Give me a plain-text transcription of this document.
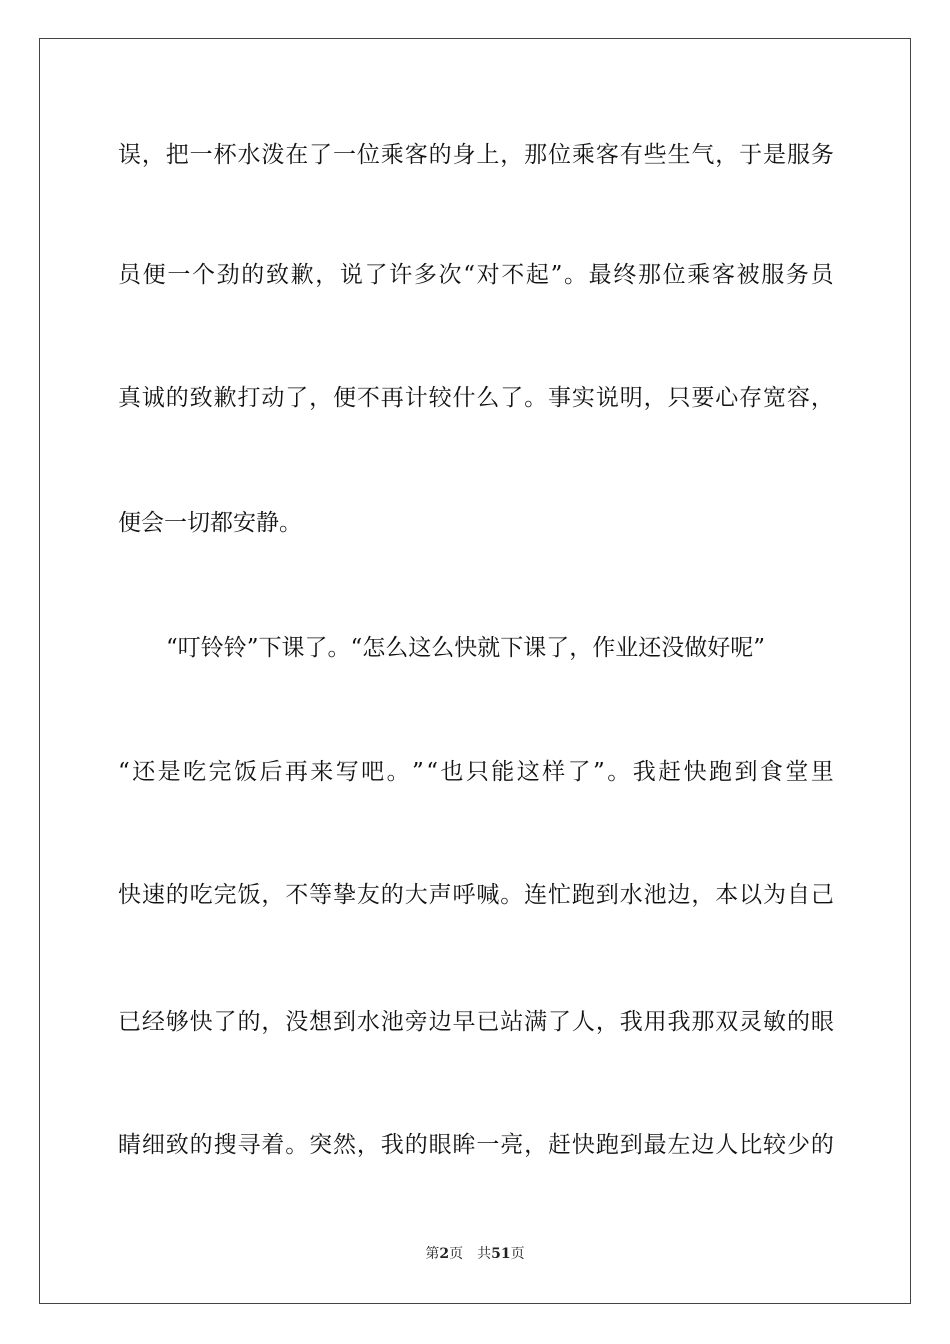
误 ， 把 一 杯 水 泼 在 了 一 位 乘 客 的 身 上 ， 那 位 乘 客 有 些 生 气 ， 于 是 服 务
员 便 一 个 劲 的 致 歉 ， 说 了 许 多 次 “ 对 不 起 ” 。 最 终 那 位 乘 客 被 服 务 员
真 诚 的 致 歉 打 动 了 ， 便 不 再 计 较 什 么 了 。 事 实 说 明 ， 只 要 心 存 宽 容 ，
便会一切都安静。
“叮铃铃”下课了。“怎么这么快就下课了，作业还没做好呢”
“ 还 是 吃 完 饭 后 再 来 写 吧 。 ” “ 也 只 能 这 样 了 ” 。 我 赶 快 跑 到 食 堂 里
快 速 的 吃 完 饭 ， 不 等 挚 友 的 大 声 呼 喊 。 连 忙 跑 到 水 池 边 ， 本 以 为 自 己
已 经 够 快 了 的 ， 没 想 到 水 池 旁 边 早 已 站 满 了 人 ， 我 用 我 那 双 灵 敏 的 眼
睛 细 致 的 搜 寻 着 。 突 然 ， 我 的 眼 眸 一 亮 ， 赶 快 跑 到 最 左 边 人 比 较 少 的
第2页 共51页
